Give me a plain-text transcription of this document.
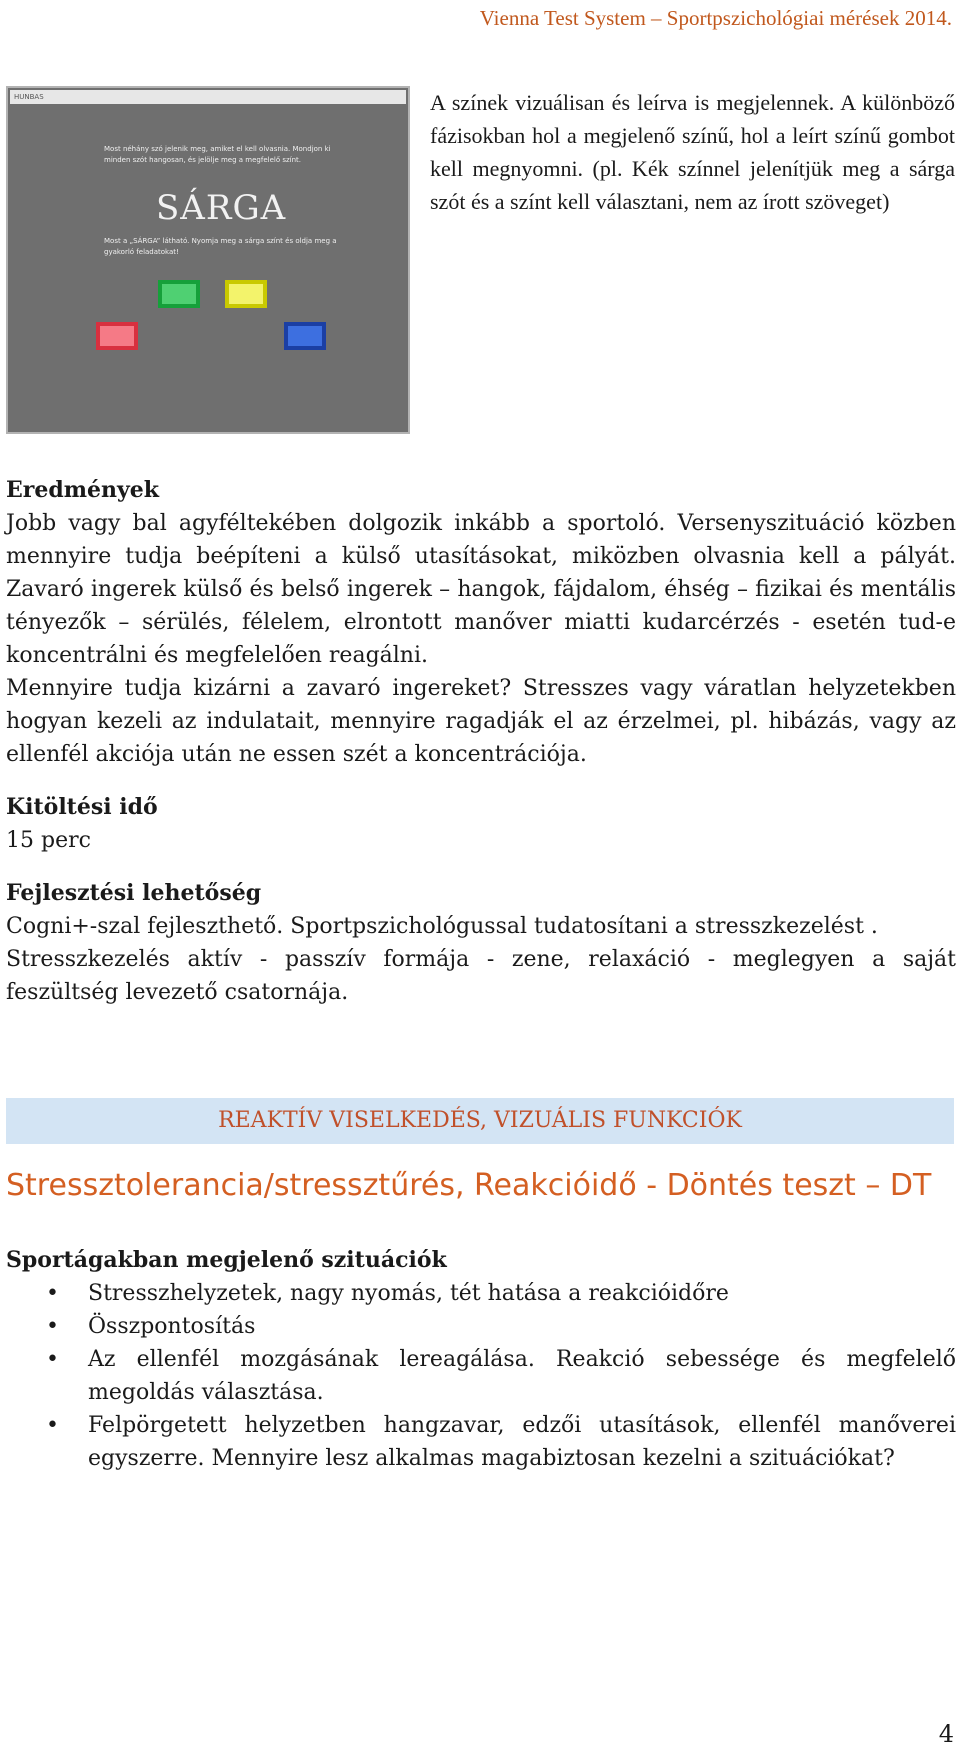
Vienna Test System – Sportpszichológiai mérések 2014.
HUNBAS
Most néhány szó jelenik meg, amiket el kell olvasnia. Mondjon ki minden szót hangosan, és jelölje meg a megfelelő színt.
SÁRGA
Most a „SÁRGA” látható. Nyomja meg a sárga színt és oldja meg a gyakorló feladatokat!
A színek vizuálisan és leírva is megjelennek. A különböző fázisokban hol a megjelenő színű, hol a leírt színű gombot kell megnyomni. (pl. Kék színnel jelenítjük meg a sárga szót és a színt kell választani, nem az írott szöveget)
Eredmények
Jobb vagy bal agyféltekében dolgozik inkább a sportoló. Versenyszituáció közben mennyire tudja beépíteni a külső utasításokat, miközben olvasnia kell a pályát. Zavaró ingerek külső és belső ingerek – hangok, fájdalom, éhség – fizikai és mentális tényezők – sérülés, félelem, elrontott manőver miatti kudarcérzés - esetén tud-e koncentrálni és megfelelően reagálni.
Mennyire tudja kizárni a zavaró ingereket? Stresszes vagy váratlan helyzetekben hogyan kezeli az indulatait, mennyire ragadják el az érzelmei, pl. hibázás, vagy az ellenfél akciója után ne essen szét a koncentrációja.
Kitöltési idő
15 perc
Fejlesztési lehetőség
Cogni+-szal fejleszthető. Sportpszichológussal tudatosítani a stresszkezelést .
Stresszkezelés aktív - passzív formája - zene, relaxáció - meglegyen a saját feszültség levezető csatornája.
REAKTÍV VISELKEDÉS, VIZUÁLIS FUNKCIÓK
Stressztolerancia/stressztűrés, Reakcióidő - Döntés teszt – DT
Sportágakban megjelenő szituációk
• Stresszhelyzetek, nagy nyomás, tét hatása a reakcióidőre
• Összpontosítás
• Az ellenfél mozgásának lereagálása. Reakció sebessége és megfelelő megoldás választása.
• Felpörgetett helyzetben hangzavar, edzői utasítások, ellenfél manőverei egyszerre. Mennyire lesz alkalmas magabiztosan kezelni a szituációkat?
4
